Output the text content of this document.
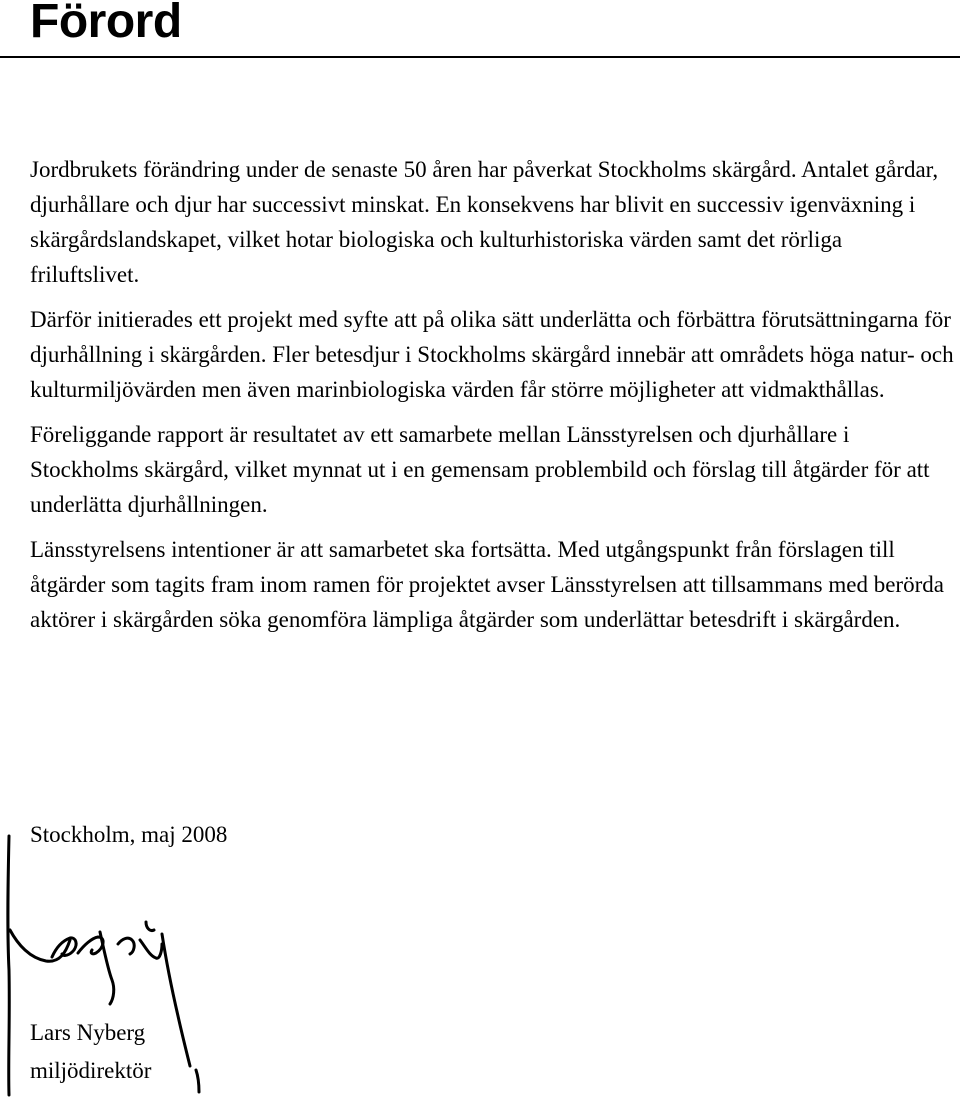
Förord

Jordbrukets förändring under de senaste 50 åren har påverkat Stockholms skärgård. Antalet gårdar, djurhållare och djur har successivt minskat. En konsekvens har blivit en successiv igenväxning i skärgårdslandskapet, vilket hotar biologiska och kulturhistoriska värden samt det rörliga friluftslivet.

Därför initierades ett projekt med syfte att på olika sätt underlätta och förbättra förutsättningarna för djurhållning i skärgården. Fler betesdjur i Stockholms skärgård innebär att områdets höga natur- och kulturmiljövärden men även marinbiologiska värden får större möjligheter att vidmakthållas.

Föreliggande rapport är resultatet av ett samarbete mellan Länsstyrelsen och djurhållare i Stockholms skärgård, vilket mynnat ut i en gemensam problembild och förslag till åtgärder för att underlätta djurhållningen.

Länsstyrelsens intentioner är att samarbetet ska fortsätta. Med utgångspunkt från förslagen till åtgärder som tagits fram inom ramen för projektet avser Länsstyrelsen att tillsammans med berörda aktörer i skärgården söka genomföra lämpliga åtgärder som underlättar betesdrift i skärgården.

Stockholm, maj 2008

Lars Nyberg
miljödirektör
